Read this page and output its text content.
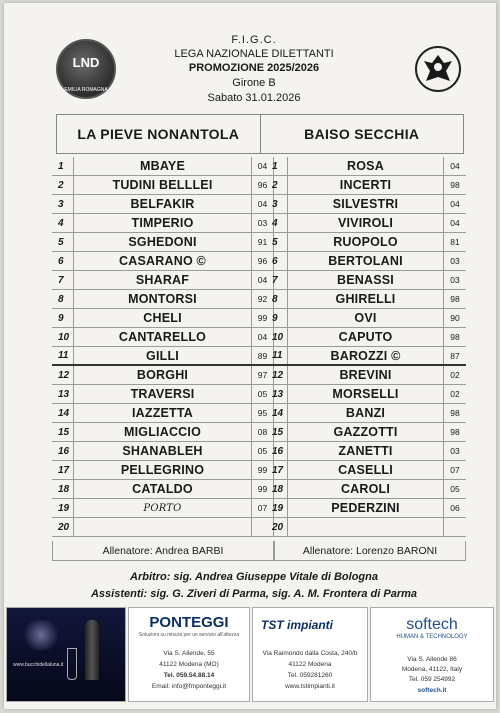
LND
EMILIA ROMAGNA
F.I.G.C.
LEGA NAZIONALE DILETTANTI
PROMOZIONE 2025/2026
Girone B
Sabato 31.01.2026
LA PIEVE NONANTOLA	BAISO SECCHIA
1	MBAYE	04
2	TUDINI BELLLEI	96
3	BELFAKIR	04
4	TIMPERIO	03
5	SGHEDONI	91
6	CASARANO ©	96
7	SHARAF	04
8	MONTORSI	92
9	CHELI	99
10	CANTARELLO	04
11	GILLI	89
12	BORGHI	97
13	TRAVERSI	05
14	IAZZETTA	95
15	MIGLIACCIO	08
16	SHANABLEH	05
17	PELLEGRINO	99
18	CATALDO	99
19	PORTO	07
20
1	ROSA	04
2	INCERTI	98
3	SILVESTRI	04
4	VIVIROLI	04
5	RUOPOLO	81
6	BERTOLANI	03
7	BENASSI	03
8	GHIRELLI	98
9	OVI	90
10	CAPUTO	98
11	BAROZZI ©	87
12	BREVINI	02
13	MORSELLI	02
14	BANZI	98
15	GAZZOTTI	98
16	ZANETTI	03
17	CASELLI	07
18	CAROLI	05
19	PEDERZINI	06
20
Allenatore: Andrea BARBI	Allenatore: Lorenzo BARONI
Arbitro: sig. Andrea Giuseppe Vitale di Bologna
Assistenti: sig. G. Ziveri di Parma, sig. A. M. Frontera di Parma
www.bucchidellaluna.it
PONTEGGI
Soluzioni su misura per un servizio all'altezza
Via S. Allende, 55
41122 Modena (MO)
Tel. 059.54.88.14
Email: info@fmponteggi.it
TST impianti
Via Raimondo dalla Costa, 240/b
41122 Modena
Tel. 059281260
www.tstimpianti.it
softech
HUMAN & TECHNOLOGY
Via S. Allende 86
Modena, 41122, Italy
Tel. 059 254992
softech.it
